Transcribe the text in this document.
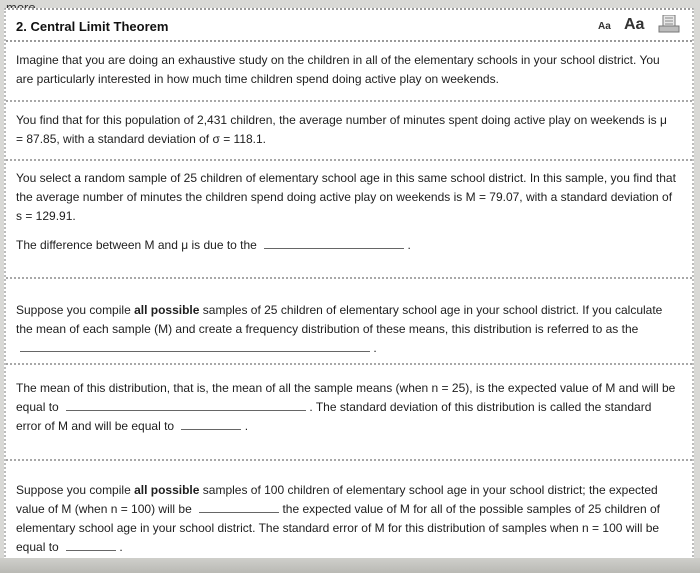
2. Central Limit Theorem	Aa Aa

Imagine that you are doing an exhaustive study on the children in all of the elementary schools in your school district. You are particularly interested in how much time children spend doing active play on weekends.

You find that for this population of 2,431 children, the average number of minutes spent doing active play on weekends is μ = 87.85, with a standard deviation of σ = 118.1.

You select a random sample of 25 children of elementary school age in this same school district. In this sample, you find that the average number of minutes the children spend doing active play on weekends is M = 79.07, with a standard deviation of s = 129.91.

The difference between M and μ is due to the	.

Suppose you compile all possible samples of 25 children of elementary school age in your school district. If you calculate the mean of each sample (M) and create a frequency distribution of these means, this distribution is referred to as the  .

The mean of this distribution, that is, the mean of all the sample means (when n = 25), is the expected value of M and will be equal to	. The standard deviation of this distribution is called the standard error of M and will be equal to	.

Suppose you compile all possible samples of 100 children of elementary school age in your school district; the expected value of M (when n = 100) will be	the expected value of M for all of the possible samples of 25 children of elementary school age in your school district. The standard error of M for this distribution of samples when n = 100 will be equal to	.
